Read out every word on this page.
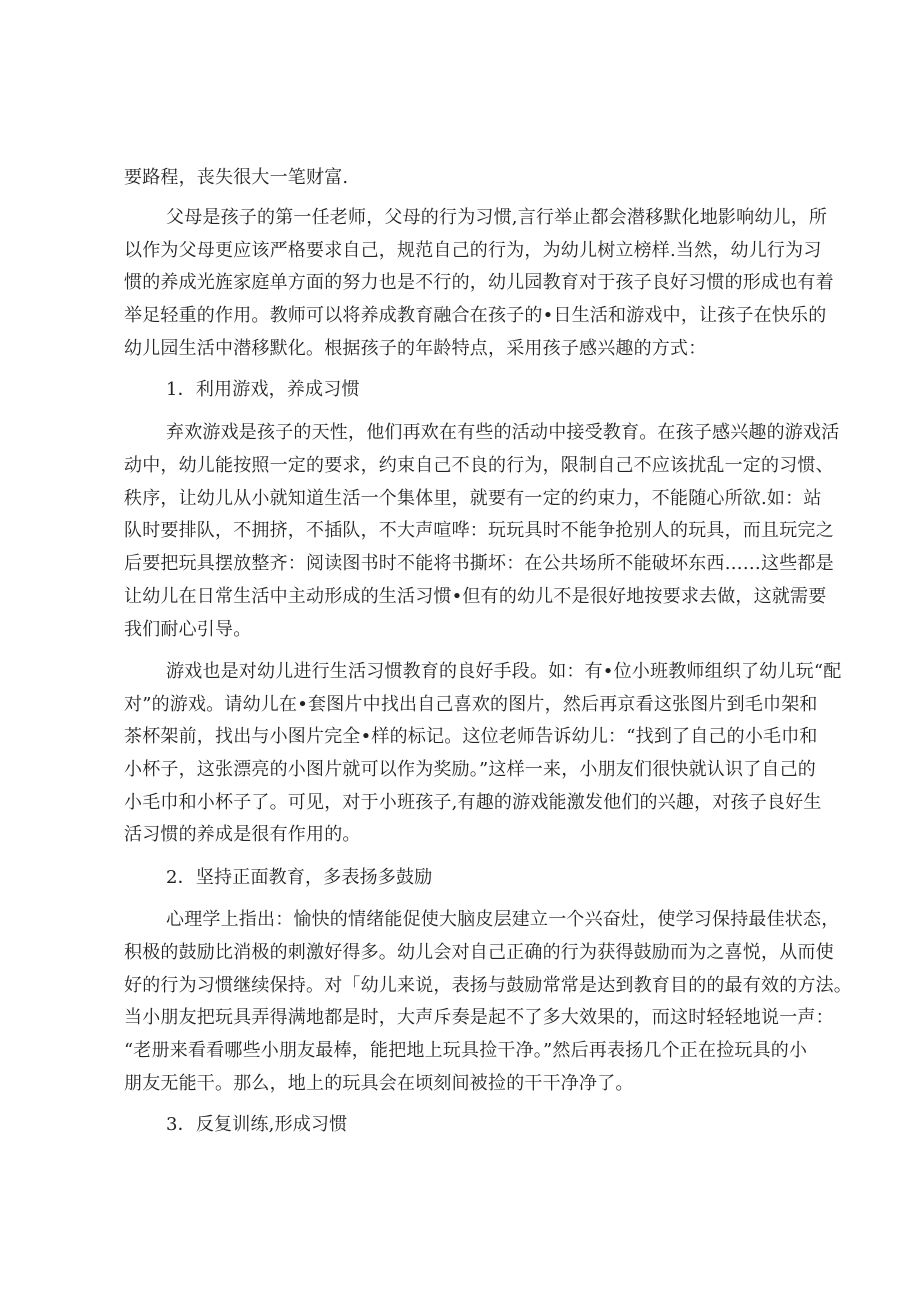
要路程，丧失很大一笔财富.
父母是孩子的第一任老师，父母的行为习惯,言行举止都会潜移默化地影响幼儿，所
以作为父母更应该严格要求自己，规范自己的行为，为幼儿树立榜样.当然，幼儿行为习
惯的养成光旌家庭单方面的努力也是不行的，幼儿园教育对于孩子良好习惯的形成也有着
举足轻重的作用。教师可以将养成教育融合在孩子的•日生活和游戏中，让孩子在快乐的
幼儿园生活中潜移默化。根据孩子的年龄特点，采用孩子感兴趣的方式：
1．利用游戏，养成习惯
弃欢游戏是孩子的天性，他们再欢在有些的活动中接受教育。在孩子感兴趣的游戏活
动中，幼儿能按照一定的要求，约束自己不良的行为，限制自己不应该扰乱一定的习惯、
秩序，让幼儿从小就知道生活一个集体里，就要有一定的约束力，不能随心所欲.如：站
队时要排队，不拥挤，不插队，不大声喧哗：玩玩具时不能争抢别人的玩具，而且玩完之
后要把玩具摆放整齐：阅读图书时不能将书撕坏：在公共场所不能破坏东西……这些都是
让幼儿在日常生活中主动形成的生活习惯•但有的幼儿不是很好地按要求去做，这就需要
我们耐心引导。
游戏也是对幼儿进行生活习惯教育的良好手段。如：有•位小班教师组织了幼儿玩“配
对”的游戏。请幼儿在•套图片中找出自己喜欢的图片，然后再京看这张图片到毛巾架和
茶杯架前，找出与小图片完全•样的标记。这位老师告诉幼儿：“找到了自己的小毛巾和
小杯子，这张漂亮的小图片就可以作为奖励。”这样一来，小朋友们很快就认识了自己的
小毛巾和小杯子了。可见，对于小班孩子,有趣的游戏能激发他们的兴趣，对孩子良好生
活习惯的养成是很有作用的。
2．坚持正面教育，多表扬多鼓励
心理学上指出：愉快的情绪能促使大脑皮层建立一个兴奋灶，使学习保持最佳状态，
积极的鼓励比消极的刺激好得多。幼儿会对自己正确的行为获得鼓励而为之喜悦，从而使
好的行为习惯继续保持。对「幼儿来说，表扬与鼓励常常是达到教育目的的最有效的方法。
当小朋友把玩具弄得满地都是时，大声斥奏是起不了多大效果的，而这时轻轻地说一声：
“老册来看看哪些小朋友最棒，能把地上玩具捡干净。”然后再表扬几个正在捡玩具的小
朋友无能干。那么，地上的玩具会在顷刻间被捡的干干净净了。
3．反复训练,形成习惯
